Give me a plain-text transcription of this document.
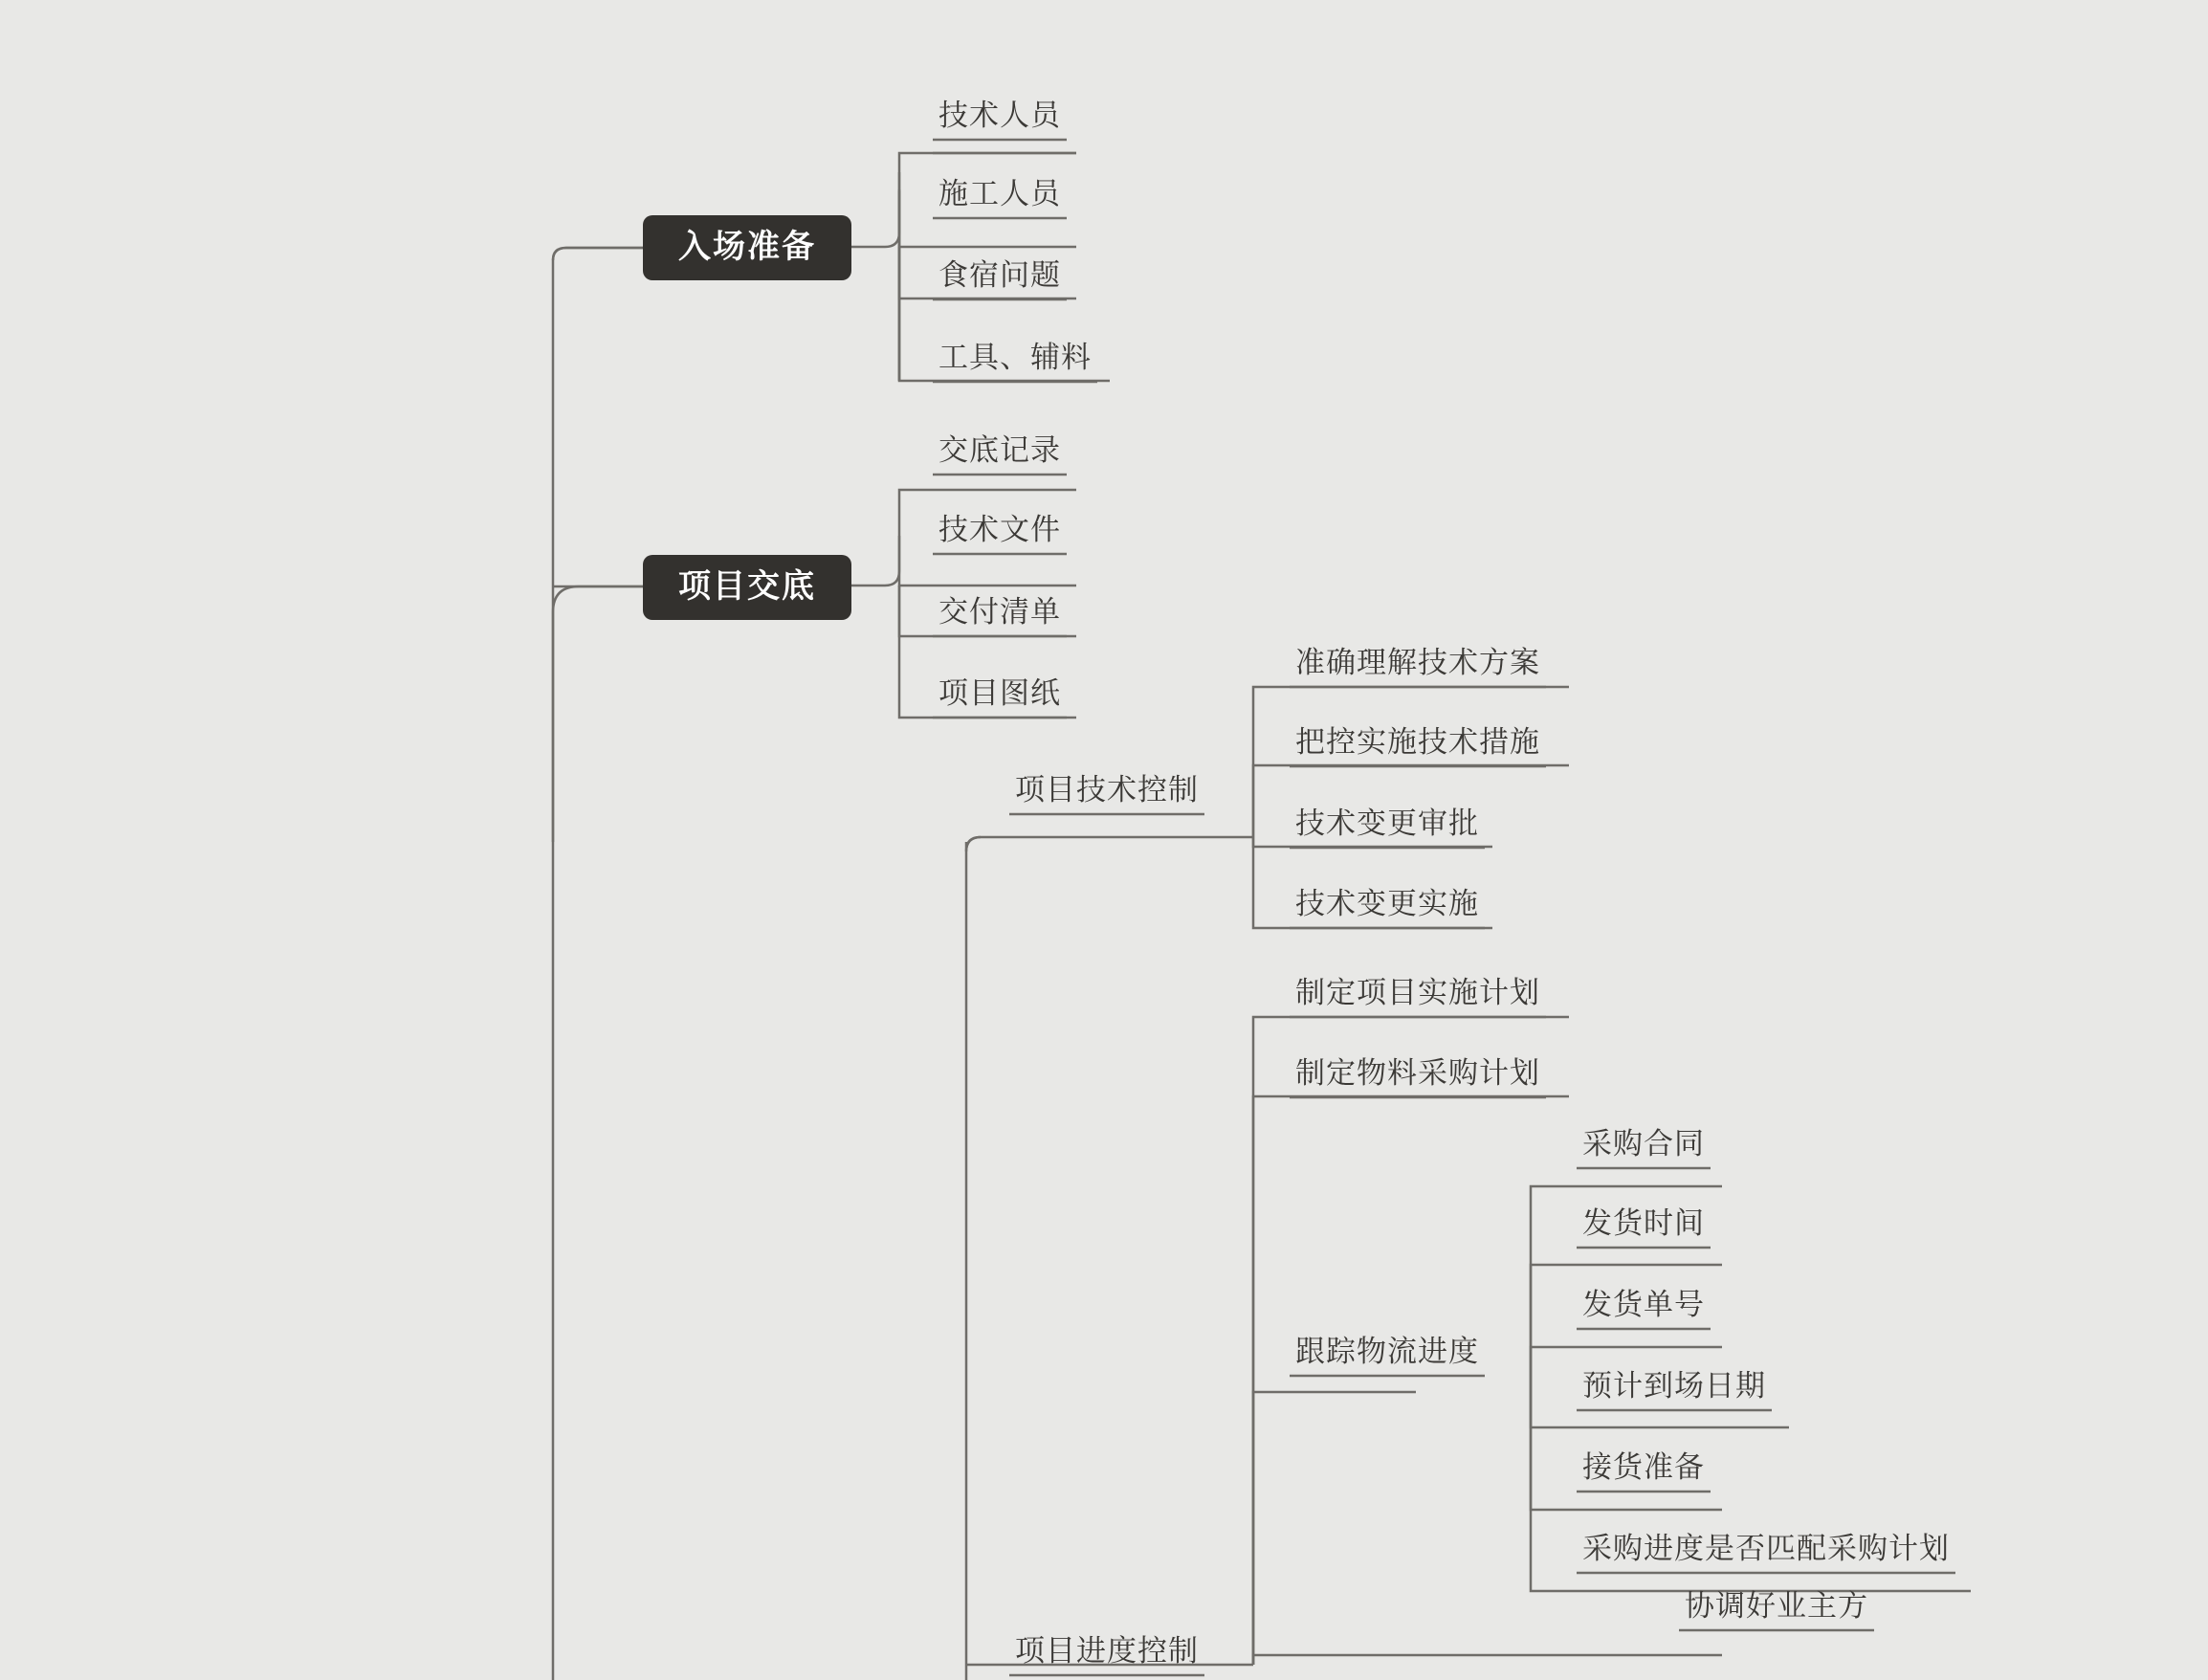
入场准备
项目交底
技术人员
施工人员
食宿问题
工具、辅料
交底记录
技术文件
交付清单
项目图纸
项目技术控制
准确理解技术方案
把控实施技术措施
技术变更审批
技术变更实施
项目进度控制
制定项目实施计划
制定物料采购计划
跟踪物流进度
协调好业主方
采购合同
发货时间
发货单号
预计到场日期
接货准备
采购进度是否匹配采购计划
